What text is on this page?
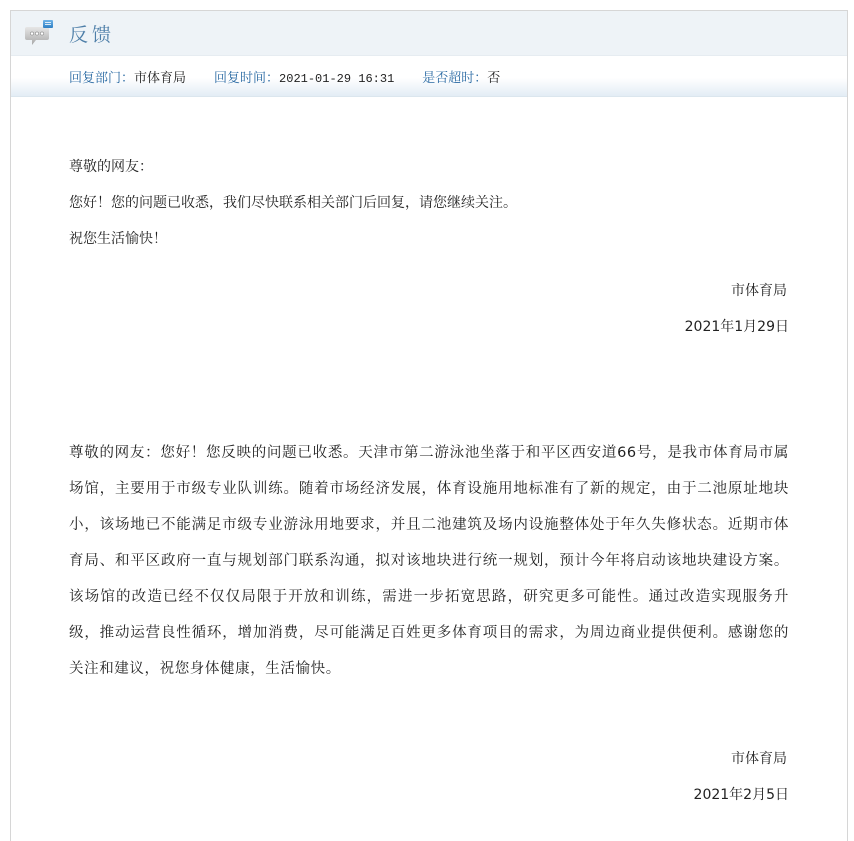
反馈
回复部门：市体育局 回复时间：2021-01-29 16:31 是否超时：否

尊敬的网友：

您好！您的问题已收悉，我们尽快联系相关部门后回复，请您继续关注。

祝您生活愉快！

市体育局
2021年1月29日

尊敬的网友：您好！您反映的问题已收悉。天津市第二游泳池坐落于和平区西安道66号，是我市体育局市属场馆，主要用于市级专业队训练。随着市场经济发展，体育设施用地标准有了新的规定，由于二池原址地块小，该场地已不能满足市级专业游泳用地要求，并且二池建筑及场内设施整体处于年久失修状态。近期市体育局、和平区政府一直与规划部门联系沟通，拟对该地块进行统一规划，预计今年将启动该地块建设方案。该场馆的改造已经不仅仅局限于开放和训练，需进一步拓宽思路，研究更多可能性。通过改造实现服务升级，推动运营良性循环，增加消费，尽可能满足百姓更多体育项目的需求，为周边商业提供便利。感谢您的关注和建议，祝您身体健康，生活愉快。

市体育局
2021年2月5日
